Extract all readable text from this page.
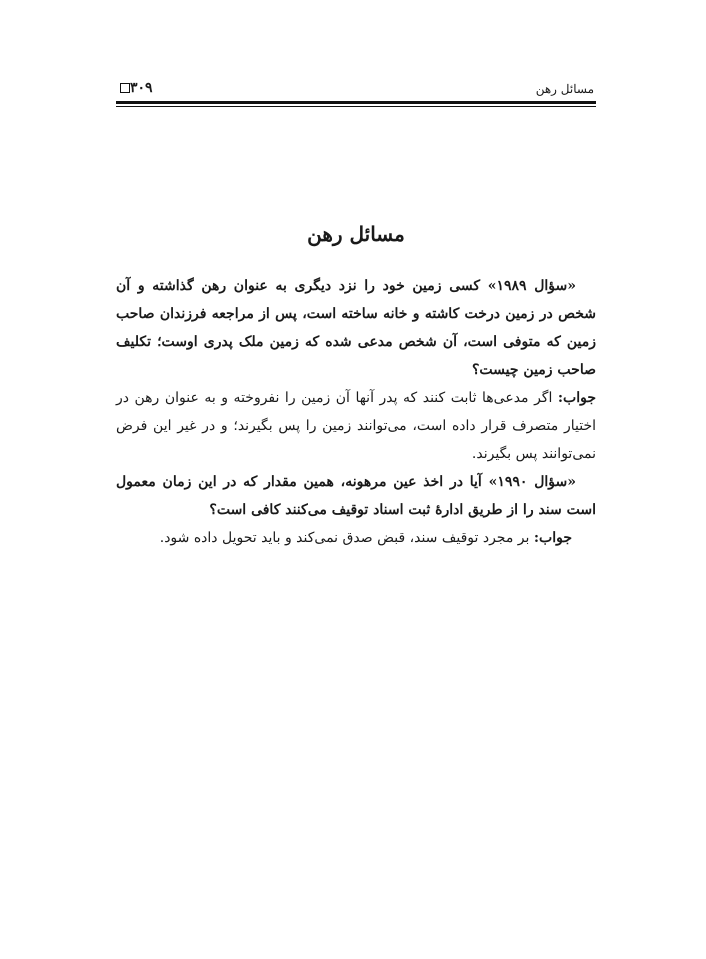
مسائل رهن
۳۰۹
مسائل رهن

«سؤال ۱۹۸۹» کسی زمین خود را نزد دیگری به عنوان رهن گذاشته و آن شخص در زمین درخت کاشته و خانه ساخته است، پس از مراجعه فرزندان صاحب زمین که متوفی است، آن شخص مدعی شده که زمین ملک پدری اوست؛ تکلیف صاحب زمین چیست؟

جواب: اگر مدعی‌ها ثابت کنند که پدر آنها آن زمین را نفروخته و به عنوان رهن در اختیار متصرف قرار داده است، می‌توانند زمین را پس بگیرند؛ و در غیر این فرض نمی‌توانند پس بگیرند.

«سؤال ۱۹۹۰» آیا در اخذ عین مرهونه، همین مقدار که در این زمان معمول است سند را از طریق ادارهٔ ثبت اسناد توقیف می‌کنند کافی است؟

جواب: بر مجرد توقیف سند، قبض صدق نمی‌کند و باید تحویل داده شود.
